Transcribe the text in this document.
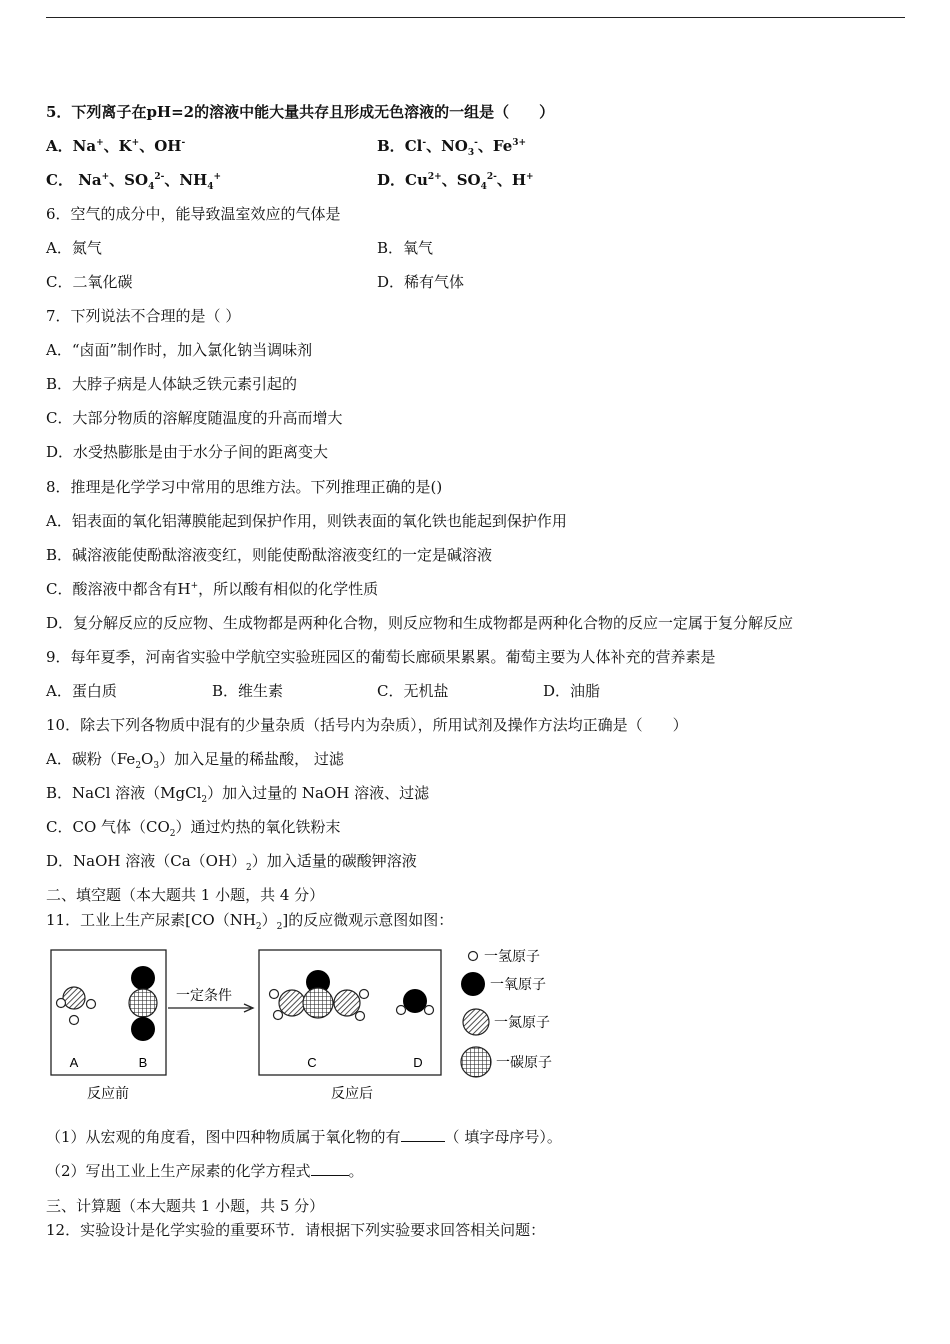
5．下列离子在pH=2的溶液中能大量共存且形成无色溶液的一组是（　　）
A．Na+、K+、OH-	B．Cl-、$NO_3^-$、$Fe^{3+}$
C． Na+、$SO_4^{2-}$、$NH_4^+$	D．$Cu^{2+}$、$SO_4^{2-}$、H+
6．空气的成分中，能导致温室效应的气体是
A．氮气	B．氧气
C．二氧化碳	D．稀有气体
7．下列说法不合理的是（ ）
A．“卤面”制作时，加入氯化钠当调味剂
B．大脖子病是人体缺乏铁元素引起的
C．大部分物质的溶解度随温度的升高而增大
D．水受热膨胀是由于水分子间的距离变大
8．推理是化学学习中常用的思维方法。下列推理正确的是()
A．铝表面的氧化铝薄膜能起到保护作用，则铁表面的氧化铁也能起到保护作用
B．碱溶液能使酚酞溶液变红，则能使酚酞溶液变红的一定是碱溶液
C．酸溶液中都含有H+，所以酸有相似的化学性质
D．复分解反应的反应物、生成物都是两种化合物，则反应物和生成物都是两种化合物的反应一定属于复分解反应
9．每年夏季，河南省实验中学航空实验班园区的葡萄长廊硕果累累。葡萄主要为人体补充的营养素是
A．蛋白质	B．维生素	C．无机盐	D．油脂
10．除去下列各物质中混有的少量杂质（括号内为杂质），所用试剂及操作方法均正确是（　　）
A．碳粉$(Fe_2O_3)$加入足量的稀盐酸， 过滤
B．NaCl 溶液（MgCl$_2$）加入过量的 NaOH 溶液、过滤
C．CO 气体$(CO_2)$通过灼热的氧化铁粉末
D．NaOH 溶液$(Ca(OH)_2)$加入适量的碳酸钾溶液
二、填空题（本大题共 1 小题，共 4 分）
11．工业上生产尿素$[CO(NH_2)_2]$的反应微观示意图如图：
A	B
反应前
一定条件
C	D
反应后
一氢原子
一氧原子
一氮原子
一碳原子
（1）从宏观的角度看，图中四种物质属于氧化物的有	（ 填字母序号）。
（2）写出工业上生产尿素的化学方程式	。
三、计算题（本大题共 1 小题，共 5 分）
12．实验设计是化学实验的重要环节．请根据下列实验要求回答相关问题：
